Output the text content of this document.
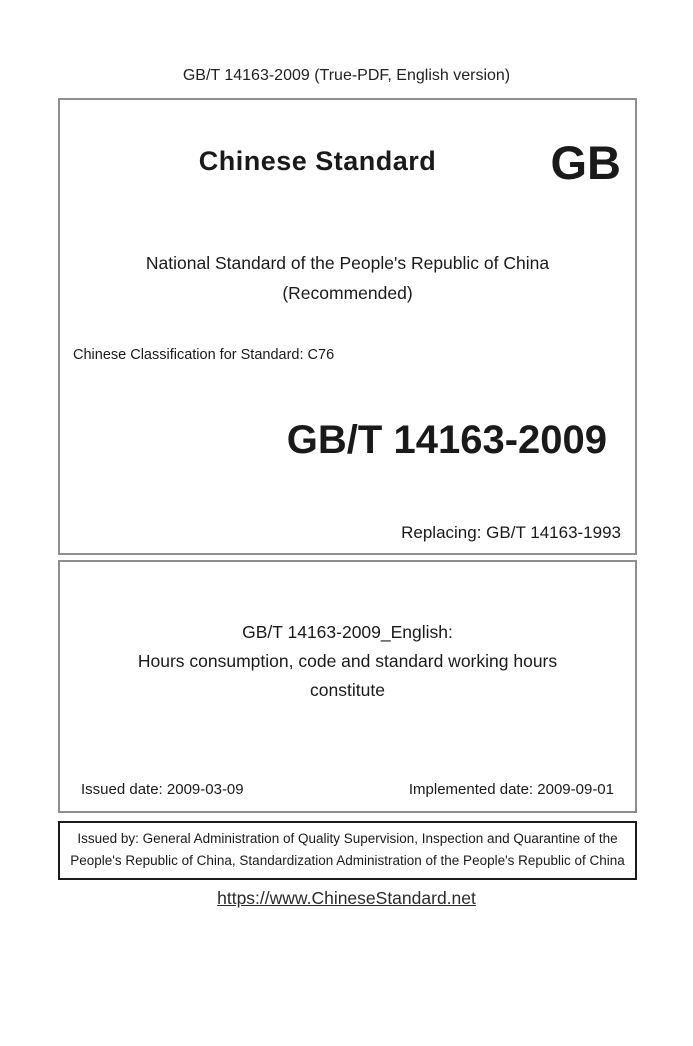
GB/T 14163-2009 (True-PDF, English version)
Chinese Standard	GB
National Standard of the People's Republic of China
(Recommended)
Chinese Classification for Standard: C76
GB/T 14163-2009
Replacing: GB/T 14163-1993
GB/T 14163-2009_English:
Hours consumption, code and standard working hours
constitute
Issued date: 2009-03-09	Implemented date: 2009-09-01
Issued by: General Administration of Quality Supervision, Inspection and Quarantine of the People's Republic of China, Standardization Administration of the People's Republic of China
https://www.ChineseStandard.net
